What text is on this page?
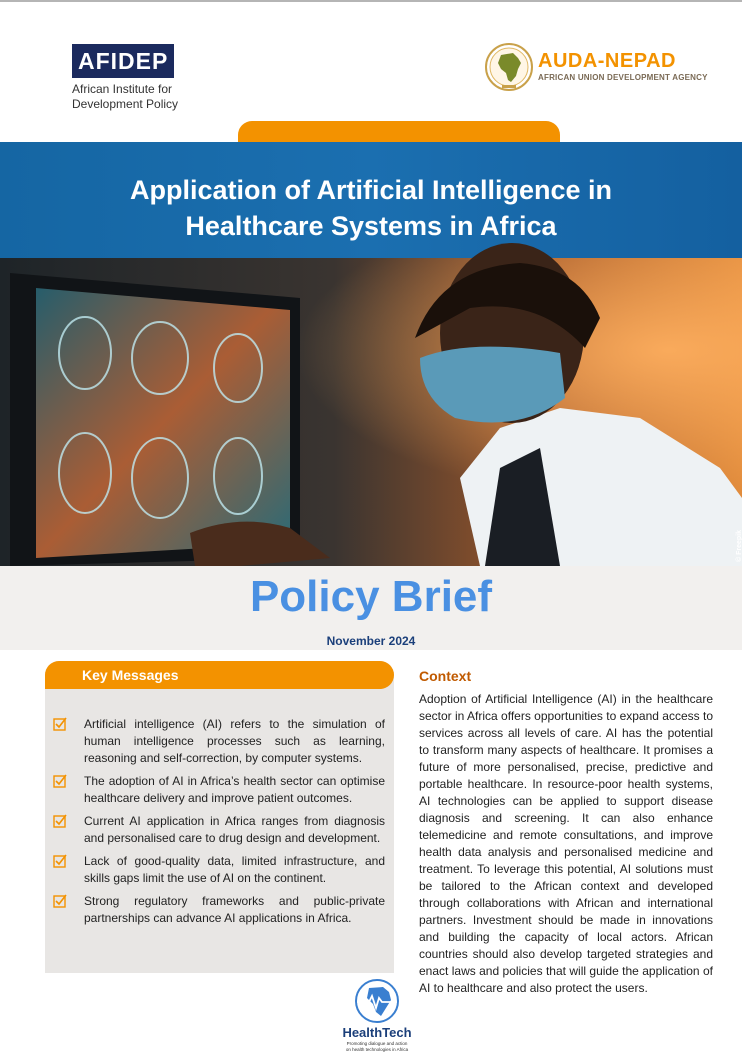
AFIDEP
African Institute for
Development Policy
AUDA-NEPAD
AFRICAN UNION DEVELOPMENT AGENCY
Application of Artificial Intelligence in
Healthcare Systems in Africa
© Freepik
Policy Brief
November 2024
Key Messages
Artificial intelligence (AI) refers to the simulation of human intelligence processes such as learning, reasoning and self-correction, by computer systems.
The adoption of AI in Africa’s health sector can optimise healthcare delivery and improve patient outcomes.
Current AI application in Africa ranges from diagnosis and personalised care to drug design and development.
Lack of good-quality data, limited infrastructure, and skills gaps limit the use of AI on the continent.
Strong regulatory frameworks and public-private partnerships can advance AI applications in Africa.
Context
Adoption of Artificial Intelligence (AI) in the healthcare sector in Africa offers opportunities to expand access to services across all levels of care. AI has the potential to transform many aspects of healthcare. It promises a future of more personalised, precise, predictive and portable healthcare. In resource-poor health systems, AI technologies can be applied to support disease diagnosis and screening. It can also enhance telemedicine and remote consultations, and improve health data analysis and personalised medicine and treatment. To leverage this potential, AI solutions must be tailored to the African context and developed through collaborations with African and international partners. Investment should be made in innovations and building the capacity of local actors. African countries should also develop targeted strategies and enact laws and policies that will guide the application of AI to healthcare and also protect the users.
HealthTech
Promoting dialogue and action
on health technologies in Africa
